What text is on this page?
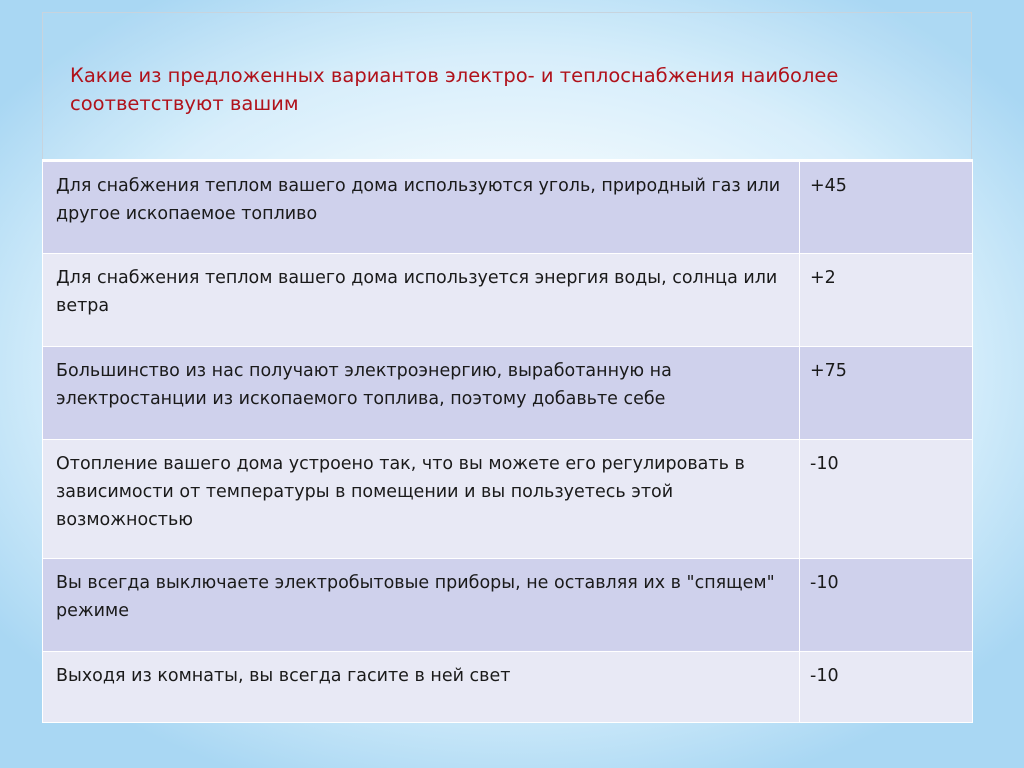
Какие из предложенных вариантов электро- и теплоснабжения наиболее соответствуют вашим
Для снабжения теплом вашего дома используются уголь, природный газ или другое ископаемое топливо	+45
Для снабжения теплом вашего дома используется энергия воды, солнца или ветра	+2
Большинство из нас получают электроэнергию, выработанную на электростанции из ископаемого топлива, поэтому добавьте себе	+75
Отопление вашего дома устроено так, что вы можете его регулировать в зависимости от температуры в помещении и вы пользуетесь этой возможностью	-10
Вы всегда выключаете электробытовые приборы, не оставляя их в "спящем" режиме	-10
Выходя из комнаты, вы всегда гасите в ней свет	-10
